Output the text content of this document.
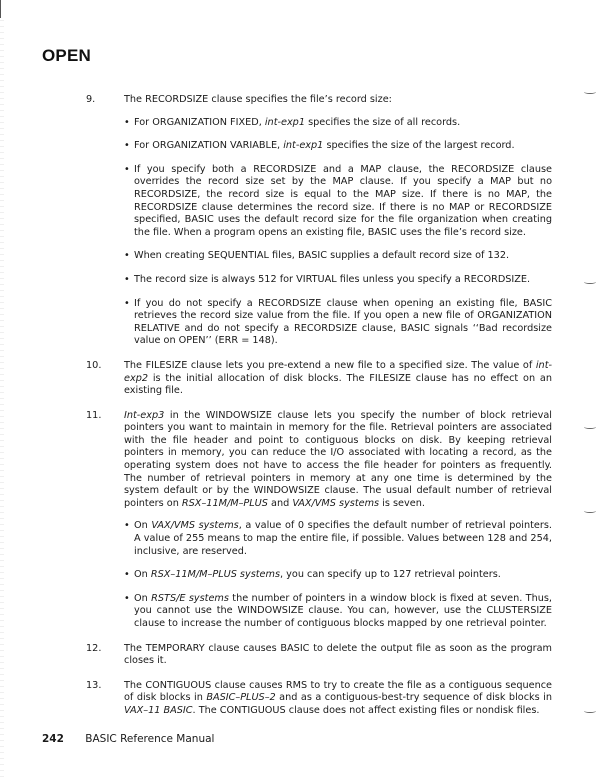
OPEN
9.	The RECORDSIZE clause specifies the file’s record size:
• For ORGANIZATION FIXED, int-exp1 specifies the size of all records.
• For ORGANIZATION VARIABLE, int-exp1 specifies the size of the largest record.
• If you specify both a RECORDSIZE and a MAP clause, the RECORDSIZE clause overrides the record size set by the MAP clause. If you specify a MAP but no RECORDSIZE, the record size is equal to the MAP size. If there is no MAP, the RECORDSIZE clause determines the record size. If there is no MAP or RECORDSIZE specified, BASIC uses the default record size for the file organization when creating the file. When a program opens an existing file, BASIC uses the file’s record size.
• When creating SEQUENTIAL files, BASIC supplies a default record size of 132.
• The record size is always 512 for VIRTUAL files unless you specify a RECORDSIZE.
• If you do not specify a RECORDSIZE clause when opening an existing file, BASIC retrieves the record size value from the file. If you open a new file of ORGANIZATION RELATIVE and do not specify a RECORDSIZE clause, BASIC signals ‘‘Bad recordsize value on OPEN’’ (ERR = 148).
10.	The FILESIZE clause lets you pre-extend a new file to a specified size. The value of int-exp2 is the initial allocation of disk blocks. The FILESIZE clause has no effect on an existing file.
11.	Int-exp3 in the WINDOWSIZE clause lets you specify the number of block retrieval pointers you want to maintain in memory for the file. Retrieval pointers are associated with the file header and point to contiguous blocks on disk. By keeping retrieval pointers in memory, you can reduce the I/O associated with locating a record, as the operating system does not have to access the file header for pointers as frequently. The number of retrieval pointers in memory at any one time is determined by the system default or by the WINDOWSIZE clause. The usual default number of retrieval pointers on RSX–11M/M–PLUS and VAX/VMS systems is seven.
• On VAX/VMS systems, a value of 0 specifies the default number of retrieval pointers. A value of 255 means to map the entire file, if possible. Values between 128 and 254, inclusive, are reserved.
• On RSX–11M/M–PLUS systems, you can specify up to 127 retrieval pointers.
• On RSTS/E systems the number of pointers in a window block is fixed at seven. Thus, you cannot use the WINDOWSIZE clause. You can, however, use the CLUSTERSIZE clause to increase the number of contiguous blocks mapped by one retrieval pointer.
12.	The TEMPORARY clause causes BASIC to delete the output file as soon as the program closes it.
13.	The CONTIGUOUS clause causes RMS to try to create the file as a contiguous sequence of disk blocks in BASIC–PLUS–2 and as a contiguous-best-try sequence of disk blocks in VAX–11 BASIC. The CONTIGUOUS clause does not affect existing files or nondisk files.
242 BASIC Reference Manual
